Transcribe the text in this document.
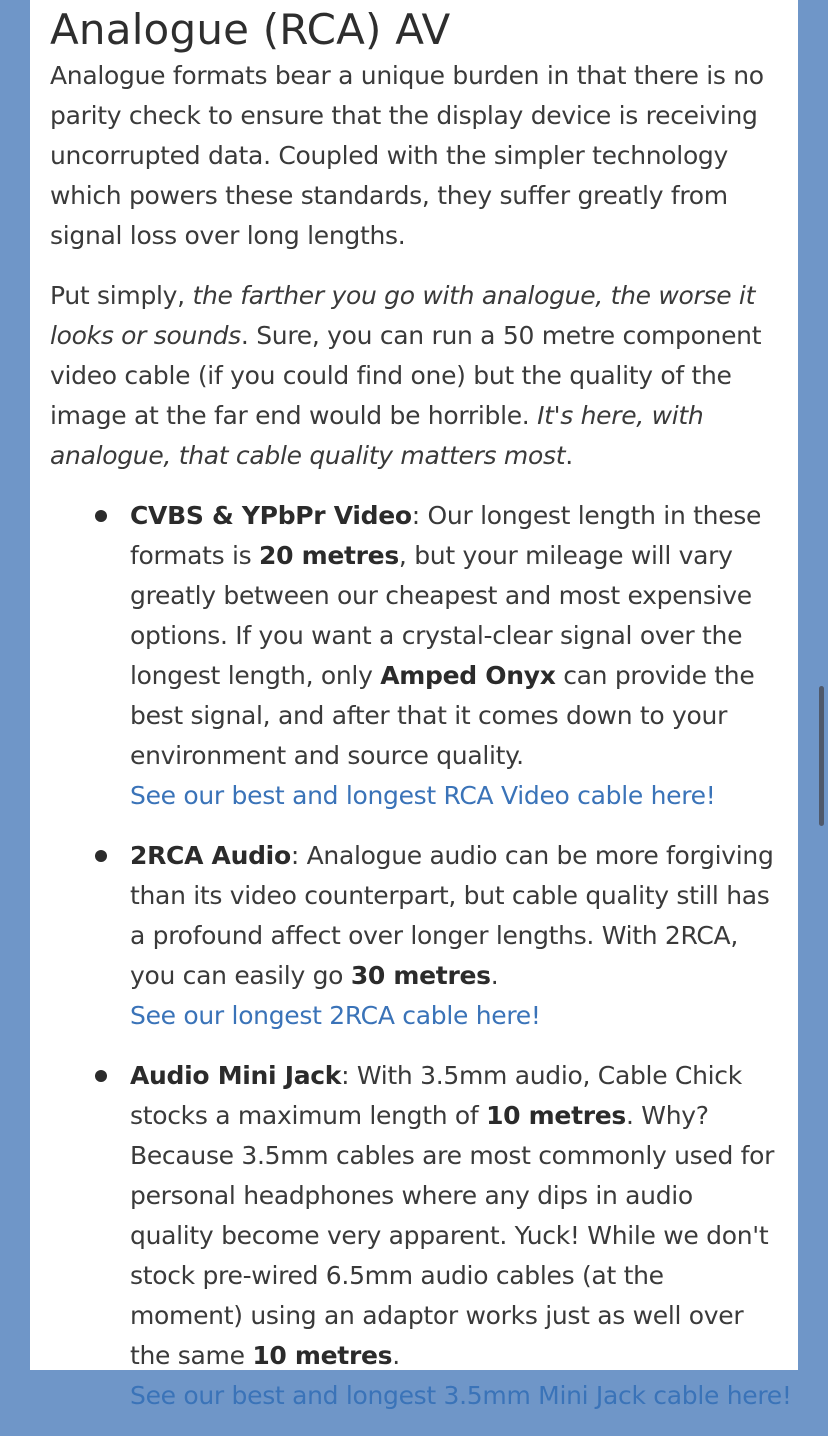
Analogue (RCA) AV

Analogue formats bear a unique burden in that there is no parity check to ensure that the display device is receiving uncorrupted data. Coupled with the simpler technology which powers these standards, they suffer greatly from signal loss over long lengths.

Put simply, the farther you go with analogue, the worse it looks or sounds. Sure, you can run a 50 metre component video cable (if you could find one) but the quality of the image at the far end would be horrible. It's here, with analogue, that cable quality matters most.

CVBS & YPbPr Video: Our longest length in these formats is 20 metres, but your mileage will vary greatly between our cheapest and most expensive options. If you want a crystal-clear signal over the longest length, only Amped Onyx can provide the best signal, and after that it comes down to your environment and source quality.
See our best and longest RCA Video cable here!
2RCA Audio: Analogue audio can be more forgiving than its video counterpart, but cable quality still has a profound affect over longer lengths. With 2RCA, you can easily go 30 metres.
See our longest 2RCA cable here!
Audio Mini Jack: With 3.5mm audio, Cable Chick stocks a maximum length of 10 metres. Why? Because 3.5mm cables are most commonly used for personal headphones where any dips in audio quality become very apparent. Yuck! While we don't stock pre-wired 6.5mm audio cables (at the moment) using an adaptor works just as well over the same 10 metres.
See our best and longest 3.5mm Mini Jack cable here!
